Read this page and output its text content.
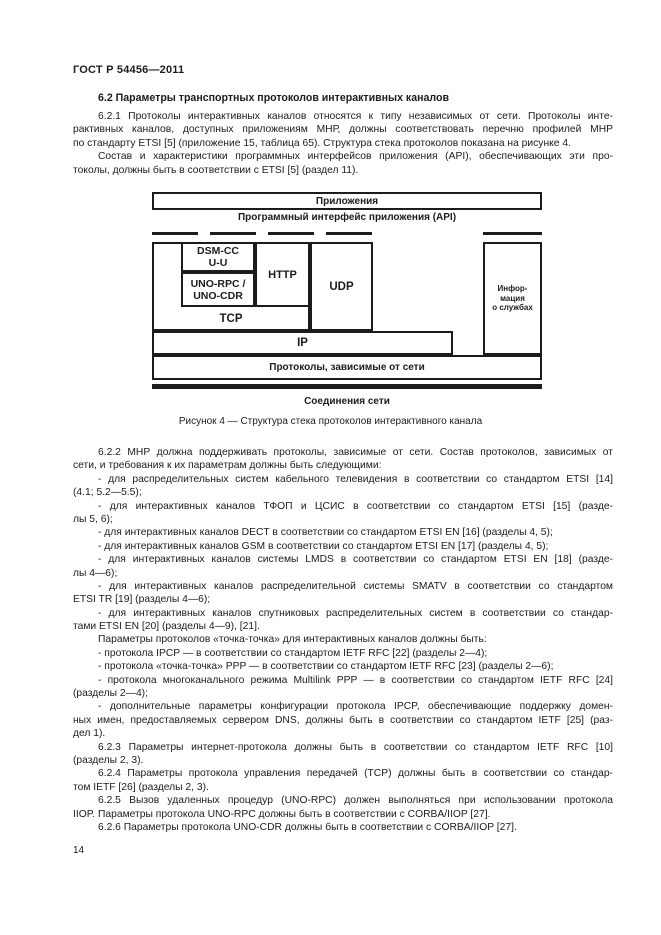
ГОСТ Р 54456—2011
6.2 Параметры транспортных протоколов интерактивных каналов
6.2.1 Протоколы интерактивных каналов относятся к типу независимых от сети. Протоколы инте-
рактивных каналов, доступных приложениям МНР, должны соответствовать перечню профилей МНР
по стандарту ETSI [5] (приложение 15, таблица 65). Структура стека протоколов показана на рисунке 4.
Состав и характеристики программных интерфейсов приложения (API), обеспечивающих эти про-
токолы, должны быть в соответствии с ETSI [5] (раздел 11).
Приложения
Программный интерфейс приложения (API)
DSM-CC
U-U
UNO-RPC /
UNO-CDR
HTTP
TCP
UDP
IP
Протоколы, зависимые от сети
Инфор-
мация
о службах
Соединения сети
Рисунок 4 — Структура стека протоколов интерактивного канала
6.2.2 МНР должна поддерживать протоколы, зависимые от сети. Состав протоколов, зависимых от
сети, и требования к их параметрам должны быть следующими:
- для распределительных систем кабельного телевидения в соответствии со стандартом ETSI [14]
(4.1; 5.2—5.5);
- для интерактивных каналов ТФОП и ЦСИС в соответствии со стандартом ETSI [15] (разде-
лы 5, 6);
- для интерактивных каналов DECT в соответствии со стандартом ETSI EN [16] (разделы 4, 5);
- для интерактивных каналов GSM в соответствии со стандартом ETSI EN [17] (разделы 4, 5);
- для интерактивных каналов системы LMDS в соответствии со стандартом ETSI EN [18] (разде-
лы 4—6);
- для интерактивных каналов распределительной системы SMATV в соответствии со стандартом
ETSI TR [19] (разделы 4—6);
- для интерактивных каналов спутниковых распределительных систем в соответствии со стандар-
тами ETSI EN [20] (разделы 4—9), [21].
Параметры протоколов «точка-точка» для интерактивных каналов должны быть:
- протокола IPCP — в соответствии со стандартом IETF RFC [22] (разделы 2—4);
- протокола «точка-точка» PPP — в соответствии со стандартом IETF RFC [23] (разделы 2—6);
- протокола многоканального режима Multilink PPP — в соответствии со стандартом IETF RFC [24]
(разделы 2—4);
- дополнительные параметры конфигурации протокола IPCP, обеспечивающие поддержку домен-
ных имен, предоставляемых сервером DNS, должны быть в соответствии со стандартом IETF [25] (раз-
дел 1).
6.2.3 Параметры интернет-протокола должны быть в соответствии со стандартом IETF RFC [10]
(разделы 2, 3).
6.2.4 Параметры протокола управления передачей (TCP) должны быть в соответствии со стандар-
том IETF [26] (разделы 2, 3).
6.2.5 Вызов удаленных процедур (UNO-RPC) должен выполняться при использовании протокола
IIOP. Параметры протокола UNO-RPC должны быть в соответствии с CORBA/IIOP [27].
6.2.6 Параметры протокола UNO-CDR должны быть в соответствии с CORBA/IIOP [27].
14
